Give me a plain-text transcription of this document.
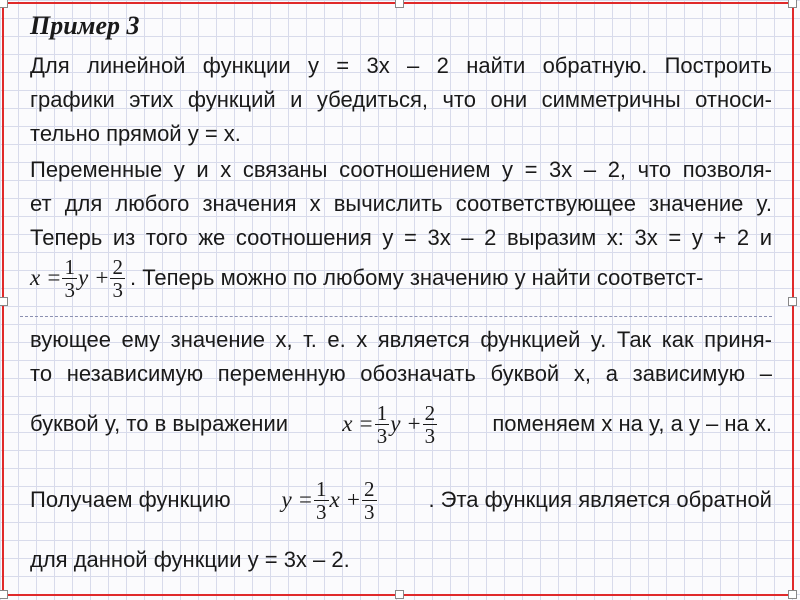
Пример 3
Для линейной функции y = 3x – 2 найти обратную. Построить
графики этих функций и убедиться, что они симметричны относи-
тельно прямой y = x.
Переменные y и x связаны соотношением y = 3x – 2, что позволя-
ет для любого значения x вычислить соответствующее значение y.
Теперь из того же соотношения y = 3x – 2 выразим x: 3x = y + 2 и
$x = \frac{1}{3}$ $y + \frac{2}{3}$ . Теперь можно по любому значению y найти соответст-
вующее ему значение x, т. е. x является функцией y. Так как приня-
то независимую переменную обозначать буквой x, а зависимую –
буквой y, то в выражении $x = \frac{1}{3}$ $y + \frac{2}{3}$	поменяем x на y, а y – на x.
Получаем функцию $y = \frac{1}{3}$ $x + \frac{2}{3}$ . Эта функция является обратной
для данной функции y = 3x – 2.
